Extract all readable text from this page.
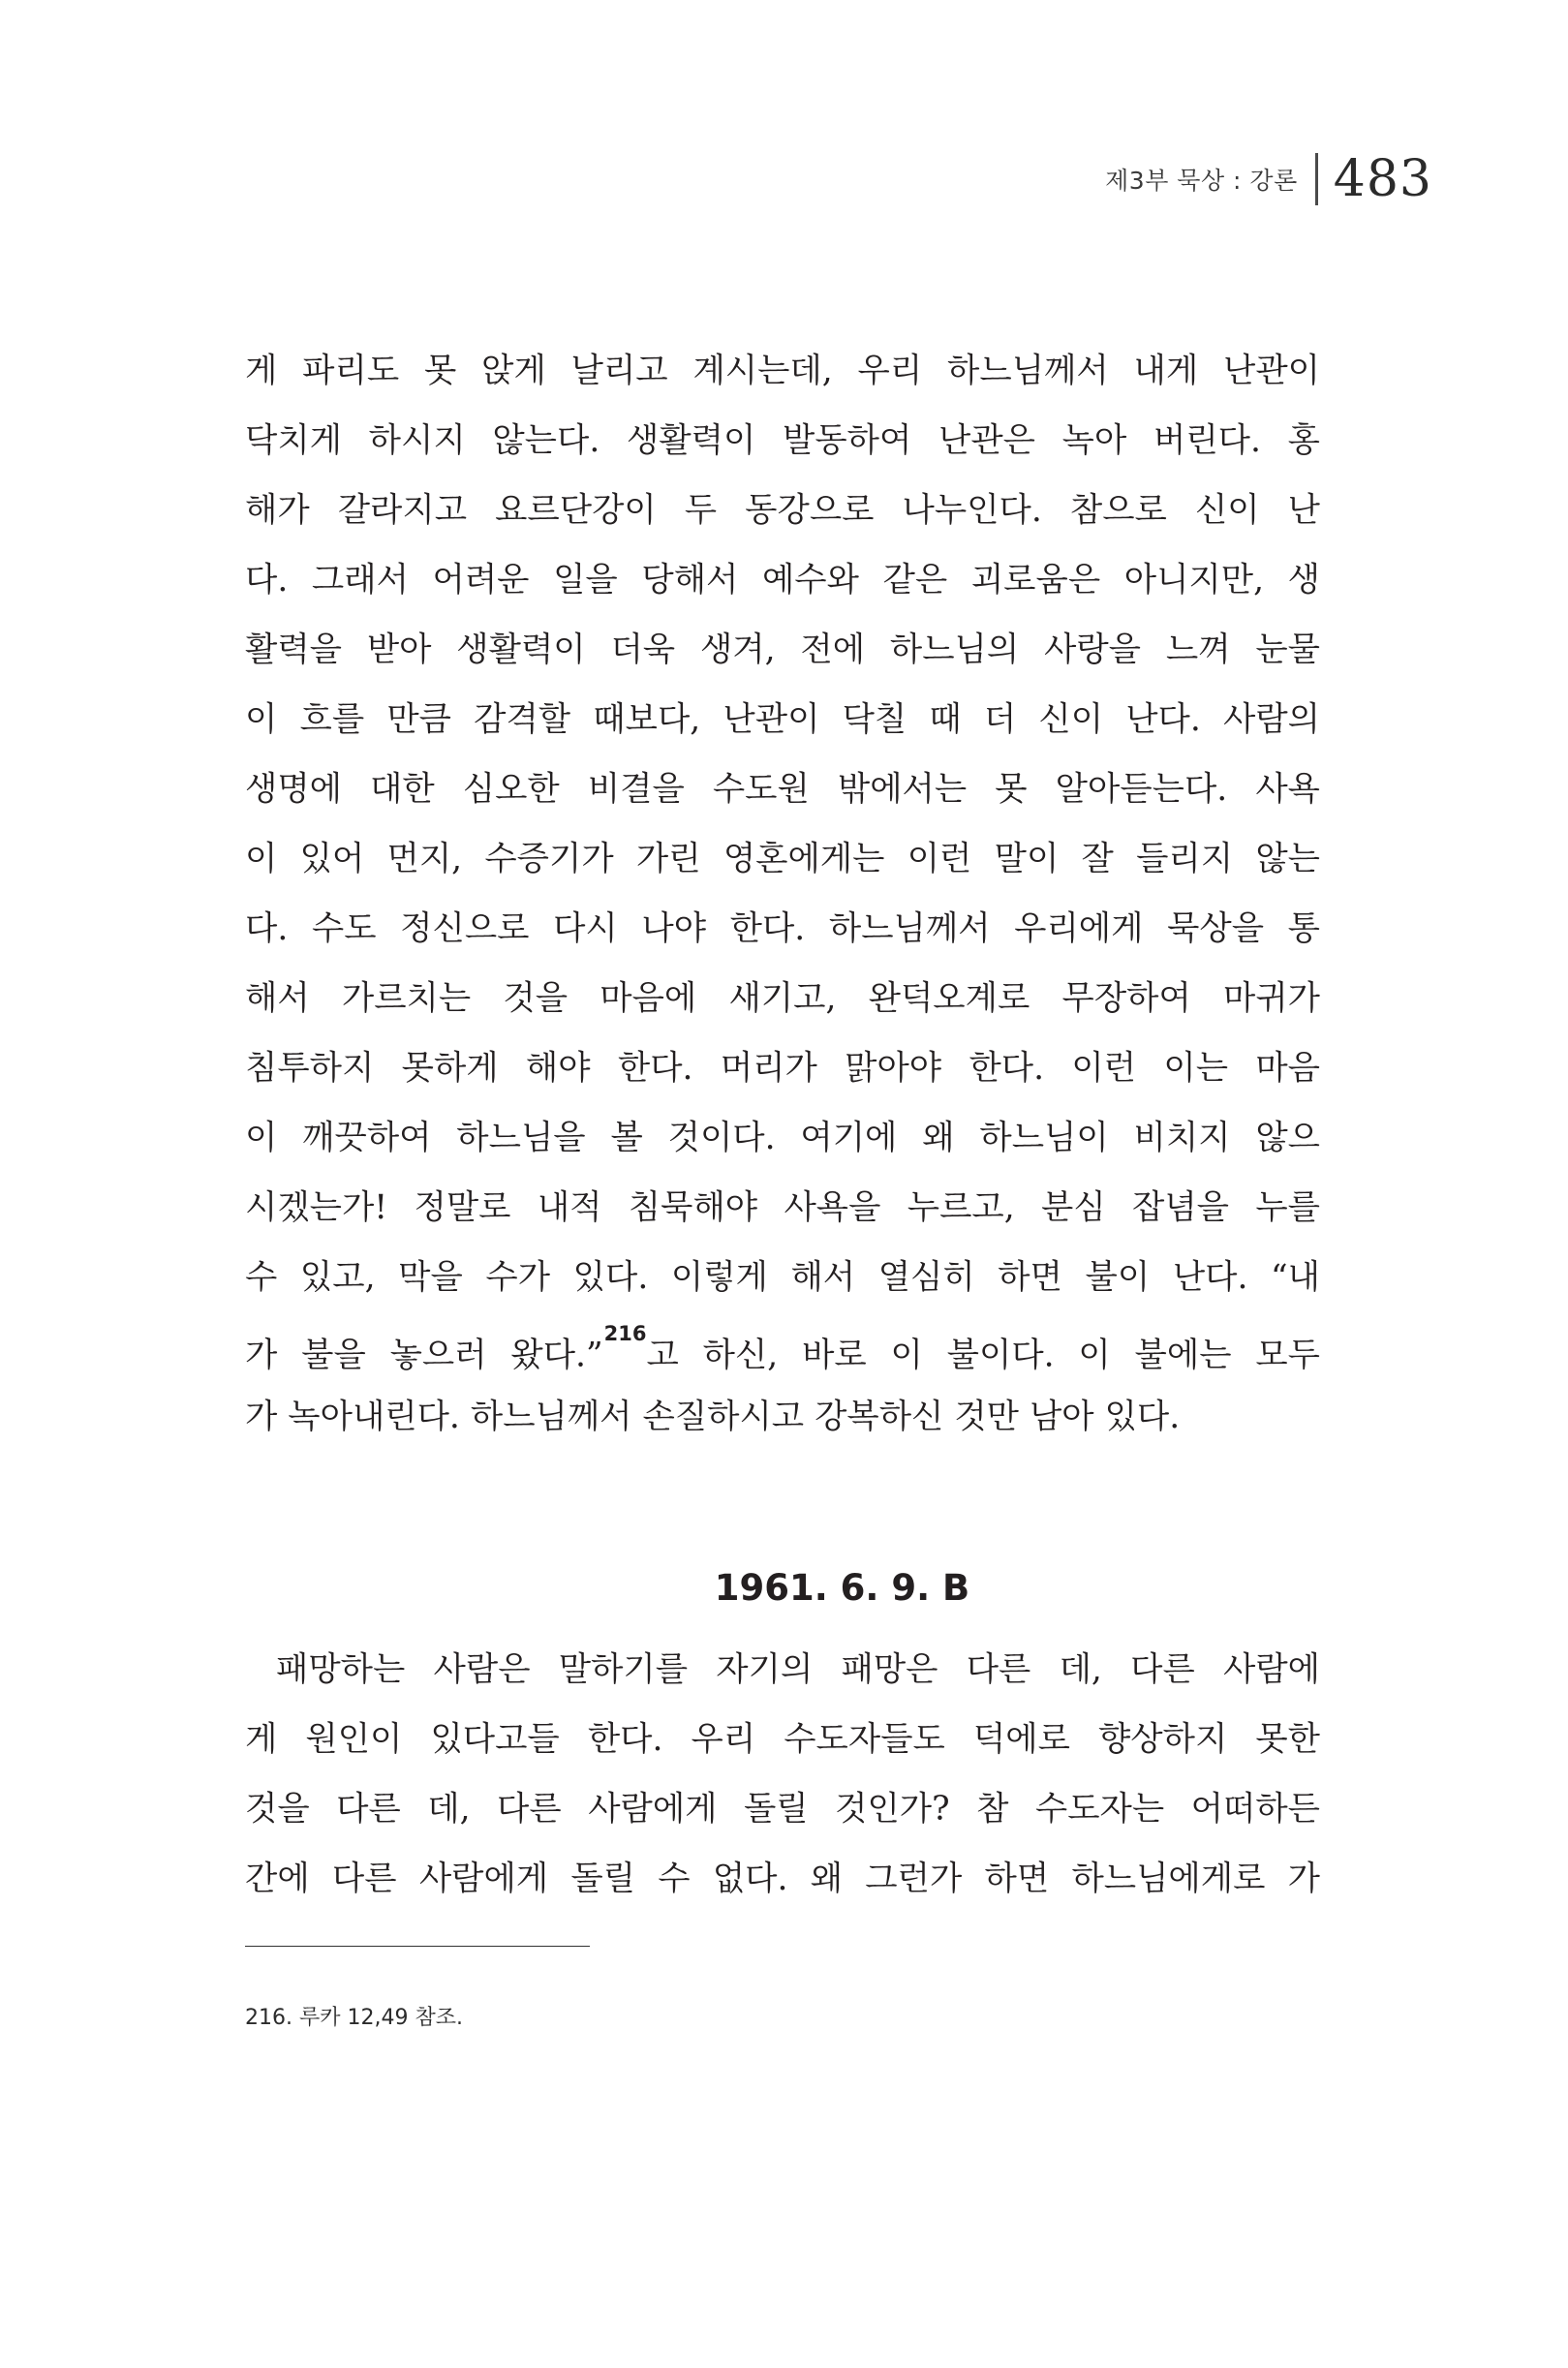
제3부 묵상 : 강론 483
게 파리도 못 앉게 날리고 계시는데, 우리 하느님께서 내게 난관이
닥치게 하시지 않는다. 생활력이 발동하여 난관은 녹아 버린다. 홍
해가 갈라지고 요르단강이 두 동강으로 나누인다. 참으로 신이 난
다. 그래서 어려운 일을 당해서 예수와 같은 괴로움은 아니지만, 생
활력을 받아 생활력이 더욱 생겨, 전에 하느님의 사랑을 느껴 눈물
이 흐를 만큼 감격할 때보다, 난관이 닥칠 때 더 신이 난다. 사람의
생명에 대한 심오한 비결을 수도원 밖에서는 못 알아듣는다. 사욕
이 있어 먼지, 수증기가 가린 영혼에게는 이런 말이 잘 들리지 않는
다. 수도 정신으로 다시 나야 한다. 하느님께서 우리에게 묵상을 통
해서 가르치는 것을 마음에 새기고, 완덕오계로 무장하여 마귀가
침투하지 못하게 해야 한다. 머리가 맑아야 한다. 이런 이는 마음
이 깨끗하여 하느님을 볼 것이다. 여기에 왜 하느님이 비치지 않으
시겠는가! 정말로 내적 침묵해야 사욕을 누르고, 분심 잡념을 누를
수 있고, 막을 수가 있다. 이렇게 해서 열심히 하면 불이 난다. “내
가 불을 놓으러 왔다.”$^{216}$고 하신, 바로 이 불이다. 이 불에는 모두
가 녹아내린다. 하느님께서 손질하시고 강복하신 것만 남아 있다.
1961. 6. 9. B
패망하는 사람은 말하기를 자기의 패망은 다른 데, 다른 사람에
게 원인이 있다고들 한다. 우리 수도자들도 덕에로 향상하지 못한
것을 다른 데, 다른 사람에게 돌릴 것인가? 참 수도자는 어떠하든
간에 다른 사람에게 돌릴 수 없다. 왜 그런가 하면 하느님에게로 가
216. 루카 12,49 참조.
